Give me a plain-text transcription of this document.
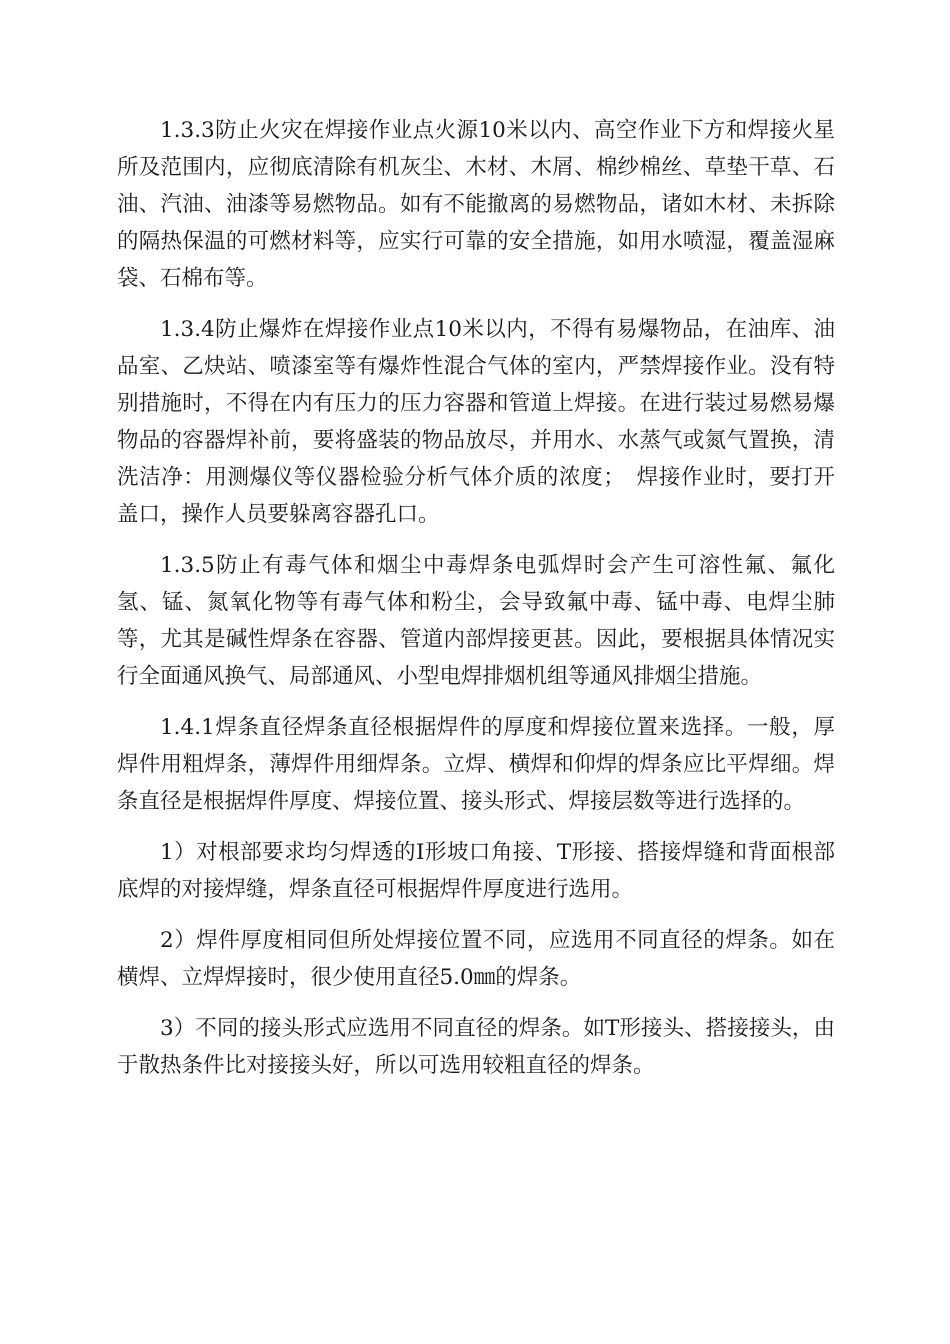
1.3.3防止火灾在焊接作业点火源10米以内、高空作业下方和焊接火星所及范围内，应彻底清除有机灰尘、木材、木屑、棉纱棉丝、草垫干草、石油、汽油、油漆等易燃物品。如有不能撤离的易燃物品，诸如木材、未拆除的隔热保温的可燃材料等，应实行可靠的安全措施，如用水喷湿，覆盖湿麻袋、石棉布等。

1.3.4防止爆炸在焊接作业点10米以内，不得有易爆物品，在油库、油品室、乙炔站、喷漆室等有爆炸性混合气体的室内，严禁焊接作业。没有特别措施时，不得在内有压力的压力容器和管道上焊接。在进行装过易燃易爆物品的容器焊补前，要将盛装的物品放尽，并用水、水蒸气或氮气置换，清洗洁净：用测爆仪等仪器检验分析气体介质的浓度；　焊接作业时，要打开盖口，操作人员要躲离容器孔口。

1.3.5防止有毒气体和烟尘中毒焊条电弧焊时会产生可溶性氟、氟化氢、锰、氮氧化物等有毒气体和粉尘，会导致氟中毒、锰中毒、电焊尘肺等，尤其是碱性焊条在容器、管道内部焊接更甚。因此，要根据具体情况实行全面通风换气、局部通风、小型电焊排烟机组等通风排烟尘措施。

1.4.1焊条直径焊条直径根据焊件的厚度和焊接位置来选择。一般，厚焊件用粗焊条，薄焊件用细焊条。立焊、横焊和仰焊的焊条应比平焊细。焊条直径是根据焊件厚度、焊接位置、接头形式、焊接层数等进行选择的。

1）对根部要求均匀焊透的I形坡口角接、T形接、搭接焊缝和背面根部底焊的对接焊缝，焊条直径可根据焊件厚度进行选用。

2）焊件厚度相同但所处焊接位置不同，应选用不同直径的焊条。如在横焊、立焊焊接时，很少使用直径5.0㎜的焊条。

3）不同的接头形式应选用不同直径的焊条。如T形接头、搭接接头，由于散热条件比对接接头好，所以可选用较粗直径的焊条。
